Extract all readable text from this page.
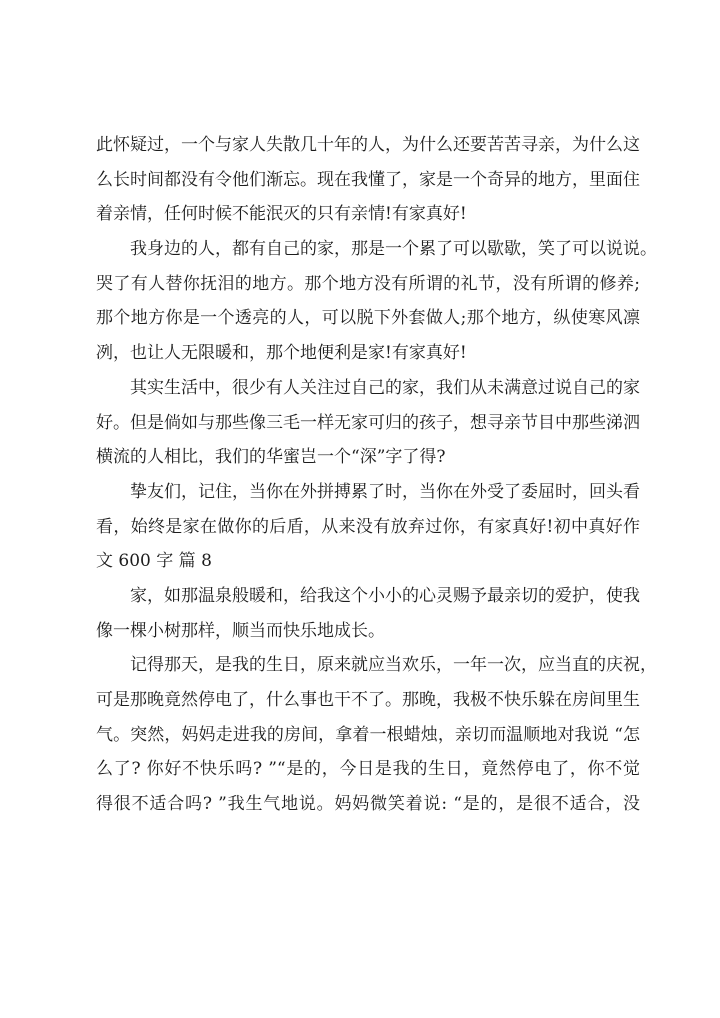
此怀疑过，一个与家人失散几十年的人，为什么还要苦苦寻亲，为什么这
么长时间都没有令他们渐忘。现在我懂了，家是一个奇异的地方，里面住
着亲情，任何时候不能泯灭的只有亲情!有家真好!
我身边的人，都有自己的家，那是一个累了可以歇歇，笑了可以说说。
哭了有人替你抚泪的地方。那个地方没有所谓的礼节，没有所谓的修养;
那个地方你是一个透亮的人，可以脱下外套做人;那个地方，纵使寒风凛
冽，也让人无限暖和，那个地便利是家!有家真好!
其实生活中，很少有人关注过自己的家，我们从未满意过说自己的家
好。但是倘如与那些像三毛一样无家可归的孩子，想寻亲节目中那些涕泗
横流的人相比，我们的华蜜岂一个“深”字了得?
挚友们，记住，当你在外拼搏累了时，当你在外受了委屈时，回头看
看，始终是家在做你的后盾，从来没有放弃过你，有家真好!初中真好作
文 600 字 篇 8
家，如那温泉般暖和，给我这个小小的心灵赐予最亲切的爱护，使我
像一棵小树那样，顺当而快乐地成长。
记得那天，是我的生日，原来就应当欢乐，一年一次，应当直的庆祝，
可是那晚竟然停电了，什么事也干不了。那晚，我极不快乐躲在房间里生
气。突然，妈妈走进我的房间，拿着一根蜡烛，亲切而温顺地对我说 “怎
么了? 你好不快乐吗? ”“是的，今日是我的生日，竟然停电了，你不觉
得很不适合吗? ”我生气地说。妈妈微笑着说: “是的，是很不适合，没
